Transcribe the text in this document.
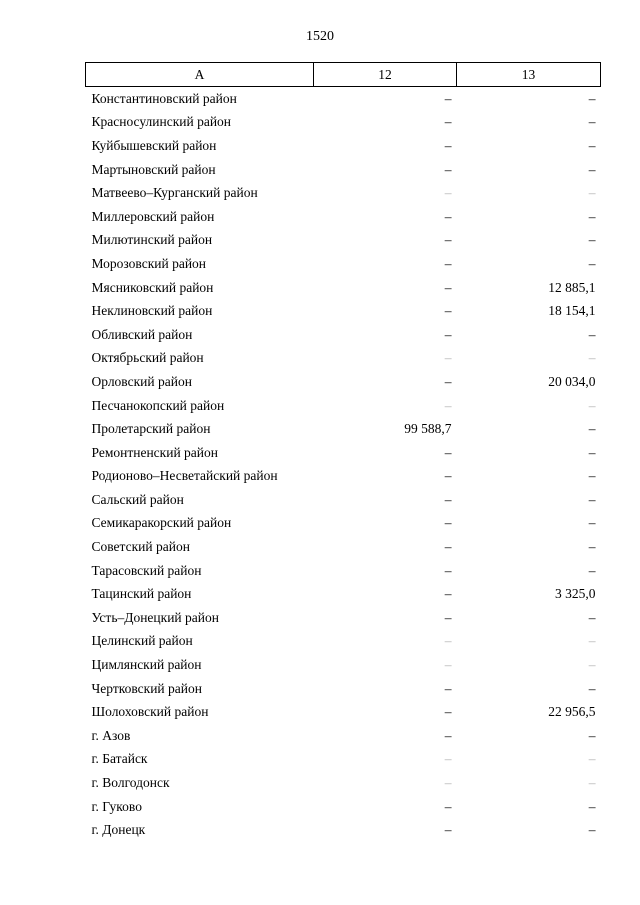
1520
А	12	13
Константиновский район	–	–
Красносулинский район	–	–
Куйбышевский район	–	–
Мартыновский район	–	–
Матвеево–Курганский район	–	–
Миллеровский район	–	–
Милютинский район	–	–
Морозовский район	–	–
Мясниковский район	–	12 885,1
Неклиновский район	–	18 154,1
Обливский район	–	–
Октябрьский район	–	–
Орловский район	–	20 034,0
Песчанокопский район	–	–
Пролетарский район	99 588,7	–
Ремонтненский район	–	–
Родионово–Несветайский район	–	–
Сальский район	–	–
Семикаракорский район	–	–
Советский район	–	–
Тарасовский район	–	–
Тацинский район	–	3 325,0
Усть–Донецкий район	–	–
Целинский район	–	–
Цимлянский район	–	–
Чертковский район	–	–
Шолоховский район	–	22 956,5
г. Азов	–	–
г. Батайск	–	–
г. Волгодонск	–	–
г. Гуково	–	–
г. Донецк	–	–
